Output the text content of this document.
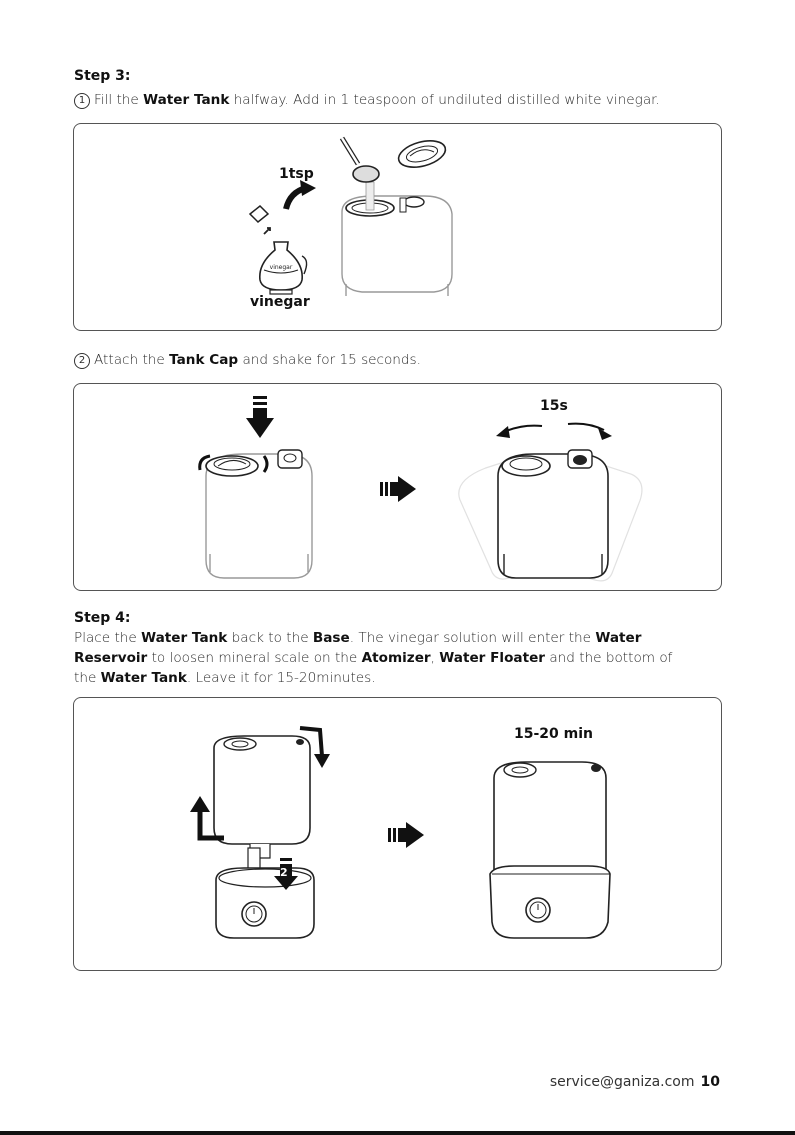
Step 3:
1 Fill the Water Tank halfway. Add in 1 teaspoon of undiluted distilled white vinegar.
vinegar
1tsp
vinegar
2 Attach the Tank Cap and shake for 15 seconds.
15s
Step 4:
Place the Water Tank back to the Base. The vinegar solution will enter the Water
Reservoir to loosen mineral scale on the Atomizer, Water Floater and the bottom of
the Water Tank. Leave it for 15-20minutes.
2
15-20 min
service@ganiza.com 10
